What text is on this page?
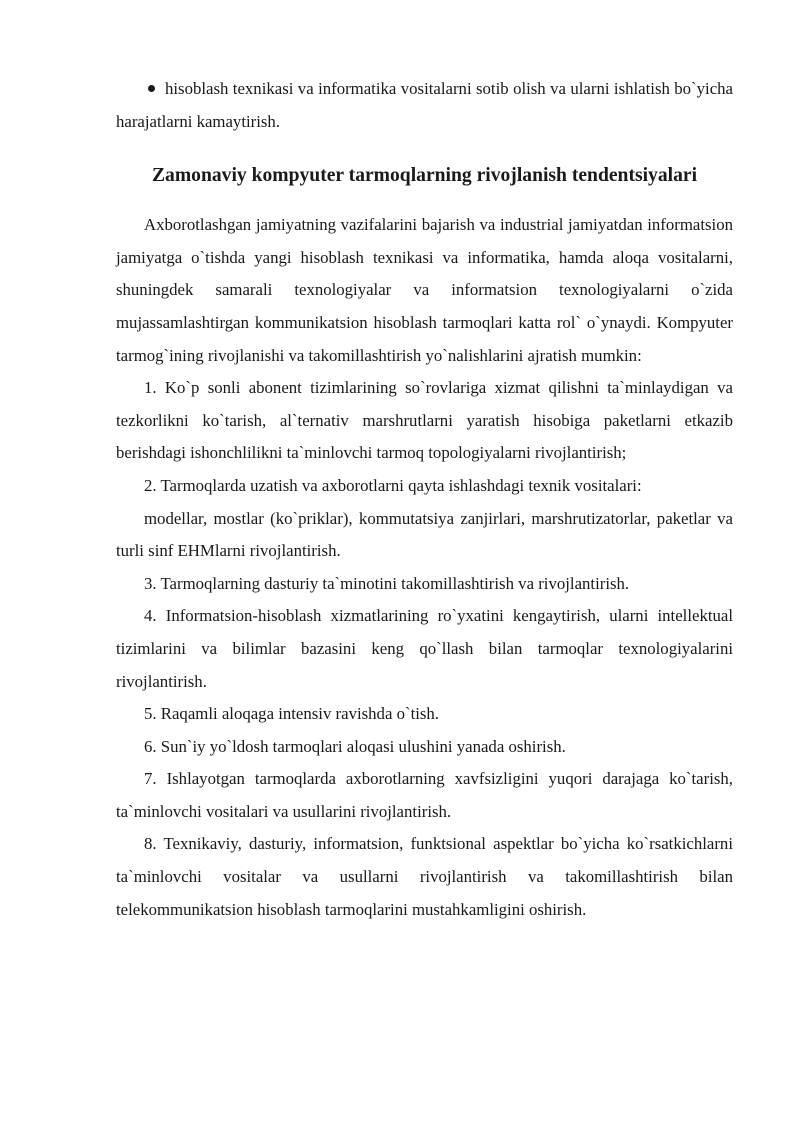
hisoblash texnikasi va informatika vositalarni sotib olish va ularni ishlatish bo`yicha harajatlarni kamaytirish.

Zamonaviy kompyuter tarmoqlarning rivojlanish tendentsiyalari

Axborotlashgan jamiyatning vazifalarini bajarish va industrial jamiyatdan informatsion jamiyatga o`tishda yangi hisoblash texnikasi va informatika, hamda aloqa vositalarni, shuningdek samarali texnologiyalar va informatsion texnologiyalarni o`zida mujassamlashtirgan kommunikatsion hisoblash tarmoqlari katta rol` o`ynaydi. Kompyuter tarmog`ining rivojlanishi va takomillashtirish yo`nalishlarini ajratish mumkin:

1. Ko`p sonli abonent tizimlarining so`rovlariga xizmat qilishni ta`minlaydigan va tezkorlikni ko`tarish, al`ternativ marshrutlarni yaratish hisobiga paketlarni etkazib berishdagi ishonchlilikni ta`minlovchi tarmoq topologiyalarni rivojlantirish;

2. Tarmoqlarda uzatish va axborotlarni qayta ishlashdagi texnik vositalari:

modellar, mostlar (ko`priklar), kommutatsiya zanjirlari, marshrutizatorlar, paketlar va turli sinf EHMlarni rivojlantirish.

3. Tarmoqlarning dasturiy ta`minotini takomillashtirish va rivojlantirish.

4. Informatsion-hisoblash xizmatlarining ro`yxatini kengaytirish, ularni intellektual tizimlarini va bilimlar bazasini keng qo`llash bilan tarmoqlar texnologiyalarini rivojlantirish.

5. Raqamli aloqaga intensiv ravishda o`tish.

6. Sun`iy yo`ldosh tarmoqlari aloqasi ulushini yanada oshirish.

7. Ishlayotgan tarmoqlarda axborotlarning xavfsizligini yuqori darajaga ko`tarish, ta`minlovchi vositalari va usullarini rivojlantirish.

8. Texnikaviy, dasturiy, informatsion, funktsional aspektlar bo`yicha ko`rsatkichlarni ta`minlovchi vositalar va usullarni rivojlantirish va takomillashtirish bilan telekommunikatsion hisoblash tarmoqlarini mustahkamligini oshirish.
